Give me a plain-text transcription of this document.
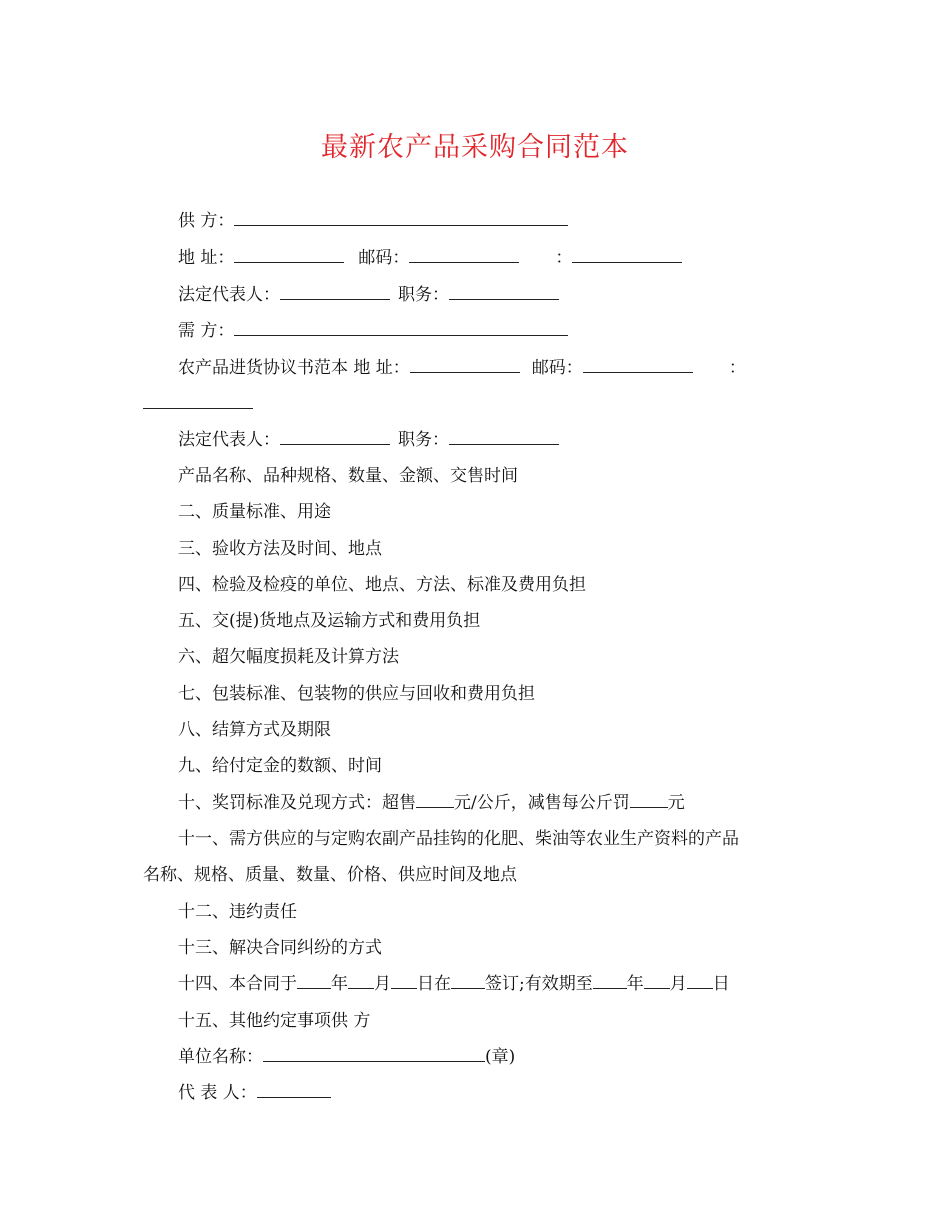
最新农产品采购合同范本
供 方：
地 址：	邮码：	：
法定代表人：	职务：
需 方：
农产品进货协议书范本 地 址：	邮码：	：
法定代表人：	职务：
产品名称、品种规格、数量、金额、交售时间
二、质量标准、用途
三、验收方法及时间、地点
四、检验及检疫的单位、地点、方法、标准及费用负担
五、交(提)货地点及运输方式和费用负担
六、超欠幅度损耗及计算方法
七、包装标准、包装物的供应与回收和费用负担
八、结算方式及期限
九、给付定金的数额、时间
十、奖罚标准及兑现方式：超售 元/公斤，减售每公斤罚 元
十一、需方供应的与定购农副产品挂钩的化肥、柴油等农业生产资料的产品
名称、规格、质量、数量、价格、供应时间及地点
十二、违约责任
十三、解决合同纠纷的方式
十四、本合同于 年 月 日在 签订;有效期至 年 月 日
十五、其他约定事项供 方
单位名称：	(章)
代 表 人：
